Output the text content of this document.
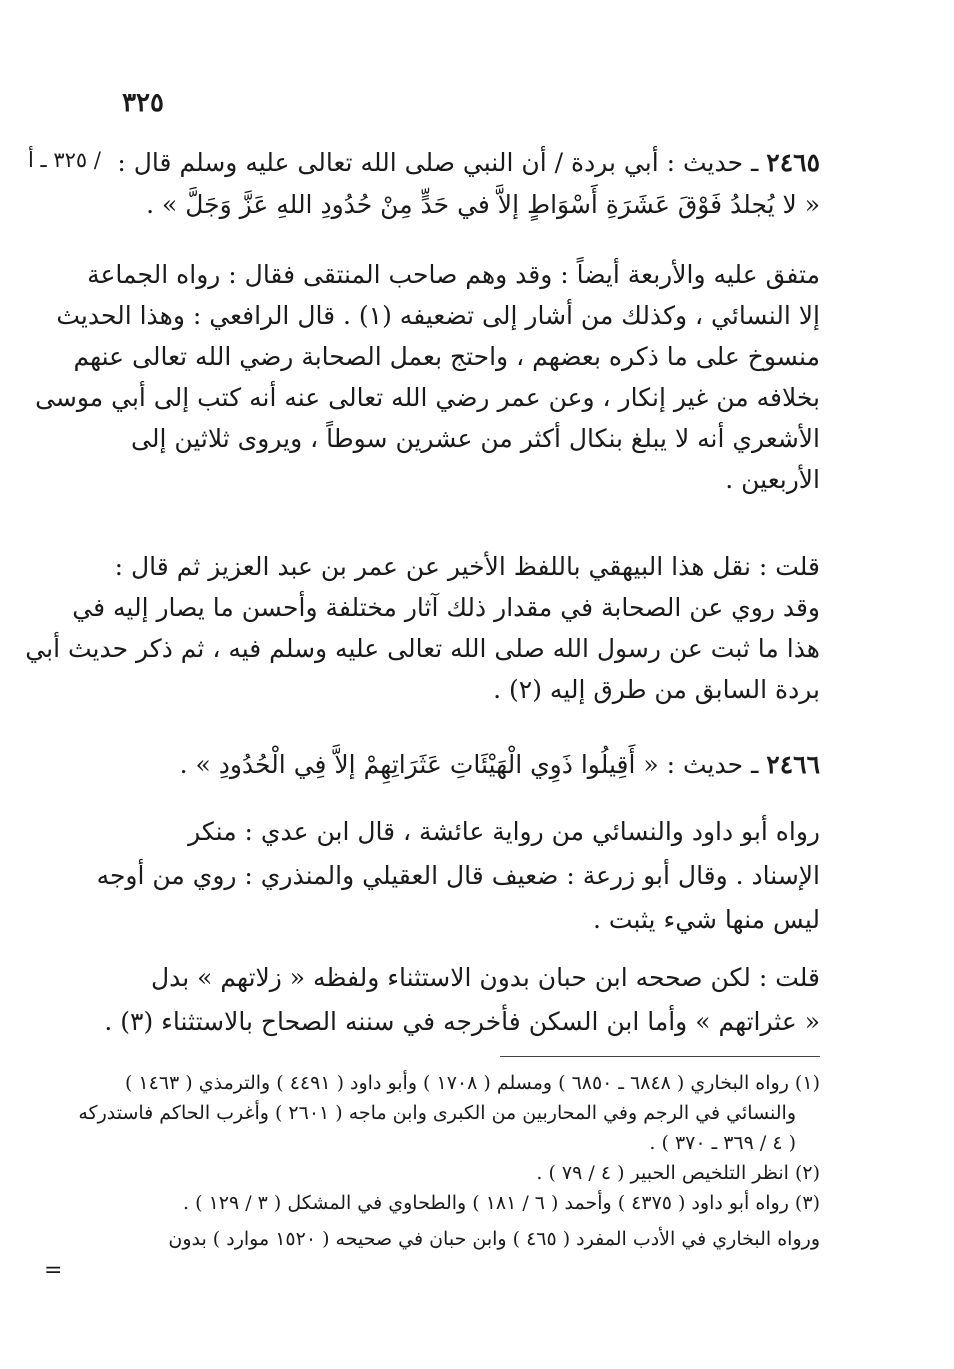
٣٢٥
/ ٣٢٥ ـ أ
=
٢٤٦٥ ـ حديث : أبي بردة / أن النبي صلى الله تعالى عليه وسلم قال :
« لا يُجلدُ فَوْقَ عَشَرَةِ أَسْوَاطٍ إلاَّ في حَدٍّ مِنْ حُدُودِ اللهِ عَزَّ وَجَلَّ » .
متفق عليه والأربعة أيضاً : وقد وهم صاحب المنتقى فقال : رواه الجماعة
إلا النسائي ، وكذلك من أشار إلى تضعيفه (١) . قال الرافعي : وهذا الحديث
منسوخ على ما ذكره بعضهم ، واحتج بعمل الصحابة رضي الله تعالى عنهم
بخلافه من غير إنكار ، وعن عمر رضي الله تعالى عنه أنه كتب إلى أبي موسى
الأشعري أنه لا يبلغ بنكال أكثر من عشرين سوطاً ، ويروى ثلاثين إلى
الأربعين .
قلت : نقل هذا البيهقي باللفظ الأخير عن عمر بن عبد العزيز ثم قال :
وقد روي عن الصحابة في مقدار ذلك آثار مختلفة وأحسن ما يصار إليه في
هذا ما ثبت عن رسول الله صلى الله تعالى عليه وسلم فيه ، ثم ذكر حديث أبي
بردة السابق من طرق إليه (٢) .
٢٤٦٦ ـ حديث : « أَقِيلُوا ذَوِي الْهَيْئَاتِ عَثَرَاتِهِمْ إلاَّ فِي الْحُدُودِ » .
رواه أبو داود والنسائي من رواية عائشة ، قال ابن عدي : منكر
الإسناد . وقال أبو زرعة : ضعيف قال العقيلي والمنذري : روي من أوجه
ليس منها شيء يثبت .
قلت : لكن صححه ابن حبان بدون الاستثناء ولفظه « زلاتهم » بدل
« عثراتهم » وأما ابن السكن فأخرجه في سننه الصحاح بالاستثناء (٣) .
(١) رواه البخاري ( ٦٨٤٨ ـ ٦٨٥٠ ) ومسلم ( ١٧٠٨ ) وأبو داود ( ٤٤٩١ ) والترمذي ( ١٤٦٣ )
والنسائي في الرجم وفي المحاربين من الكبرى وابن ماجه ( ٢٦٠١ ) وأغرب الحاكم فاستدركه
( ٤ / ٣٦٩ ـ ٣٧٠ ) .
(٢) انظر التلخيص الحبير ( ٤ / ٧٩ ) .
(٣) رواه أبو داود ( ٤٣٧٥ ) وأحمد ( ٦ / ١٨١ ) والطحاوي في المشكل ( ٣ / ١٢٩ ) .
ورواه البخاري في الأدب المفرد ( ٤٦٥ ) وابن حبان في صحيحه ( ١٥٢٠ موارد ) بدون
